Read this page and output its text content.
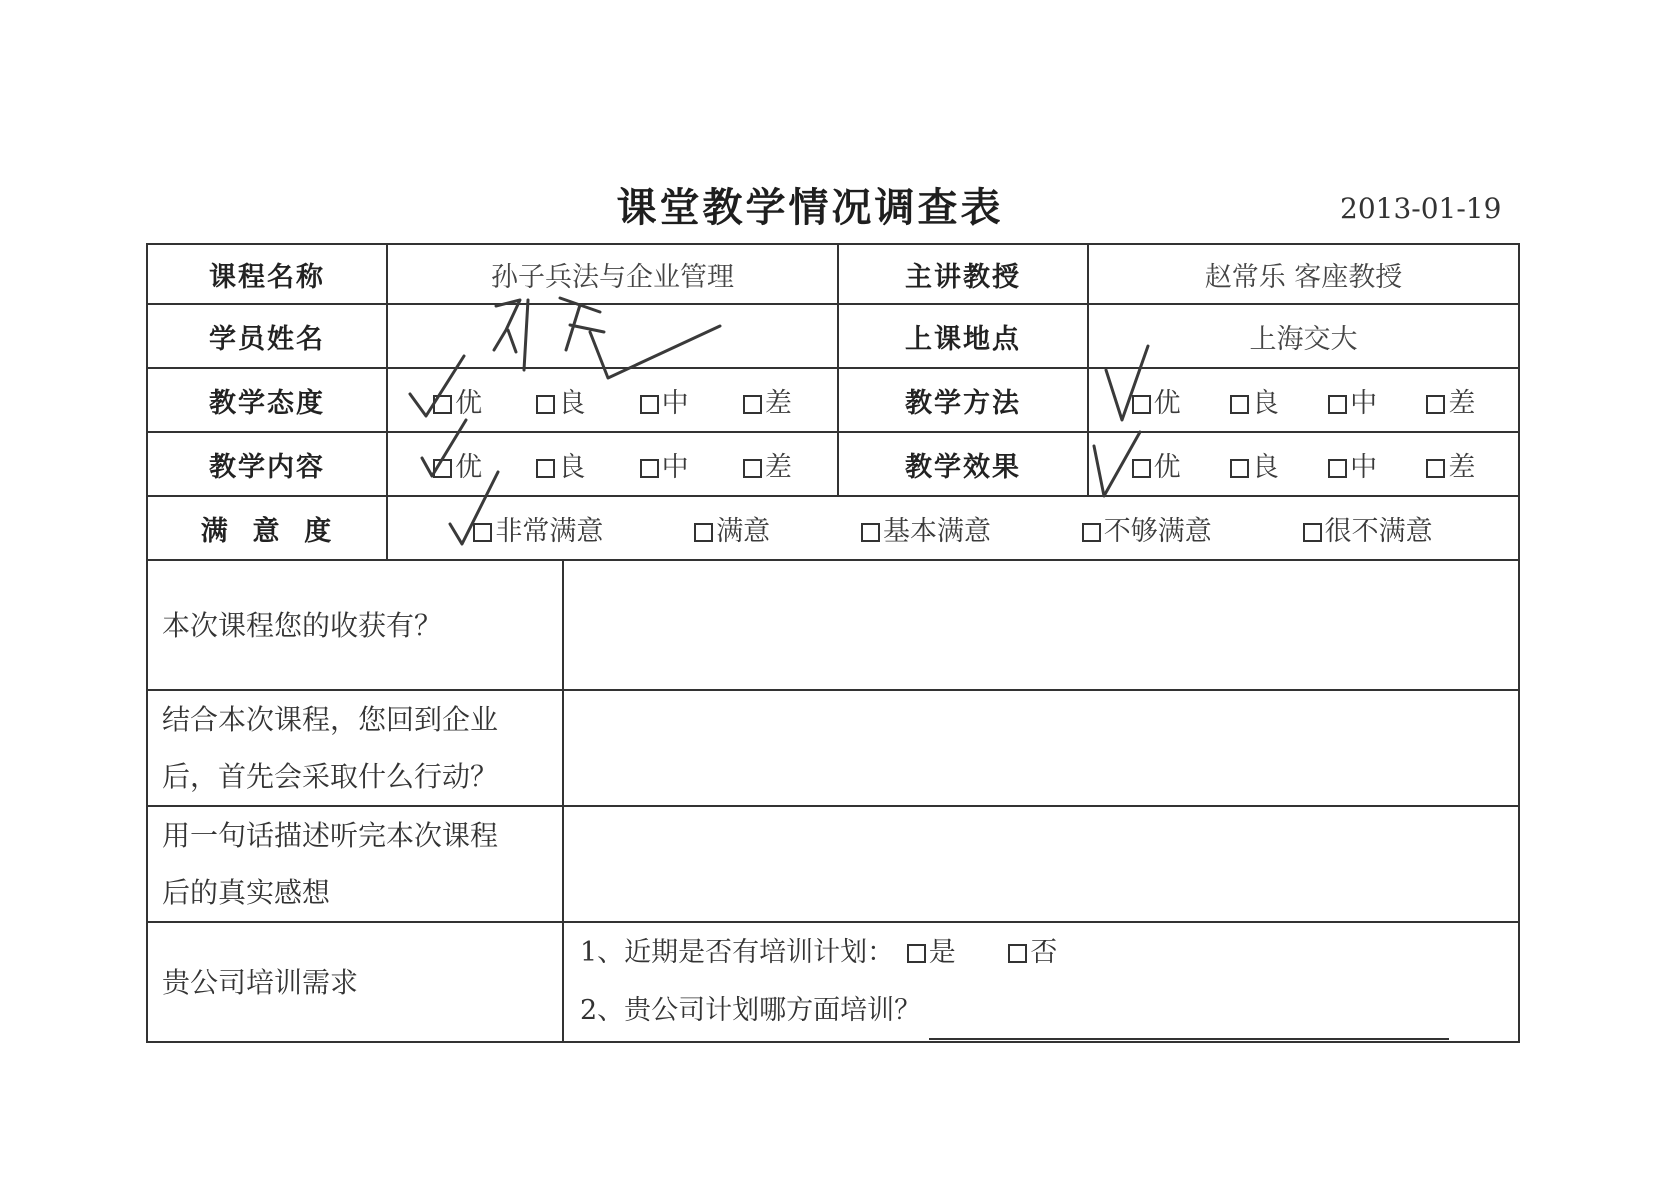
课堂教学情况调查表	2013-01-19
课程名称	孙子兵法与企业管理		主讲教授	赵常乐 客座教授
学员姓名			上课地点	上海交大
教学态度	优 良 中 差		教学方法	优 良 中 差

教学内容	优 良 中 差		教学效果	优 良 中 差

满  意  度	非常满意 满意 基本满意 不够满意 很不满意			

本次课程您的收获有？				

结合本次课程，您回到企业
后，首先会采取什么行动？				

用一句话描述听完本次课程
后的真实感想				

贵公司培训需求		1、近期是否有培训计划： 是 否
2、贵公司计划哪方面培训？		
